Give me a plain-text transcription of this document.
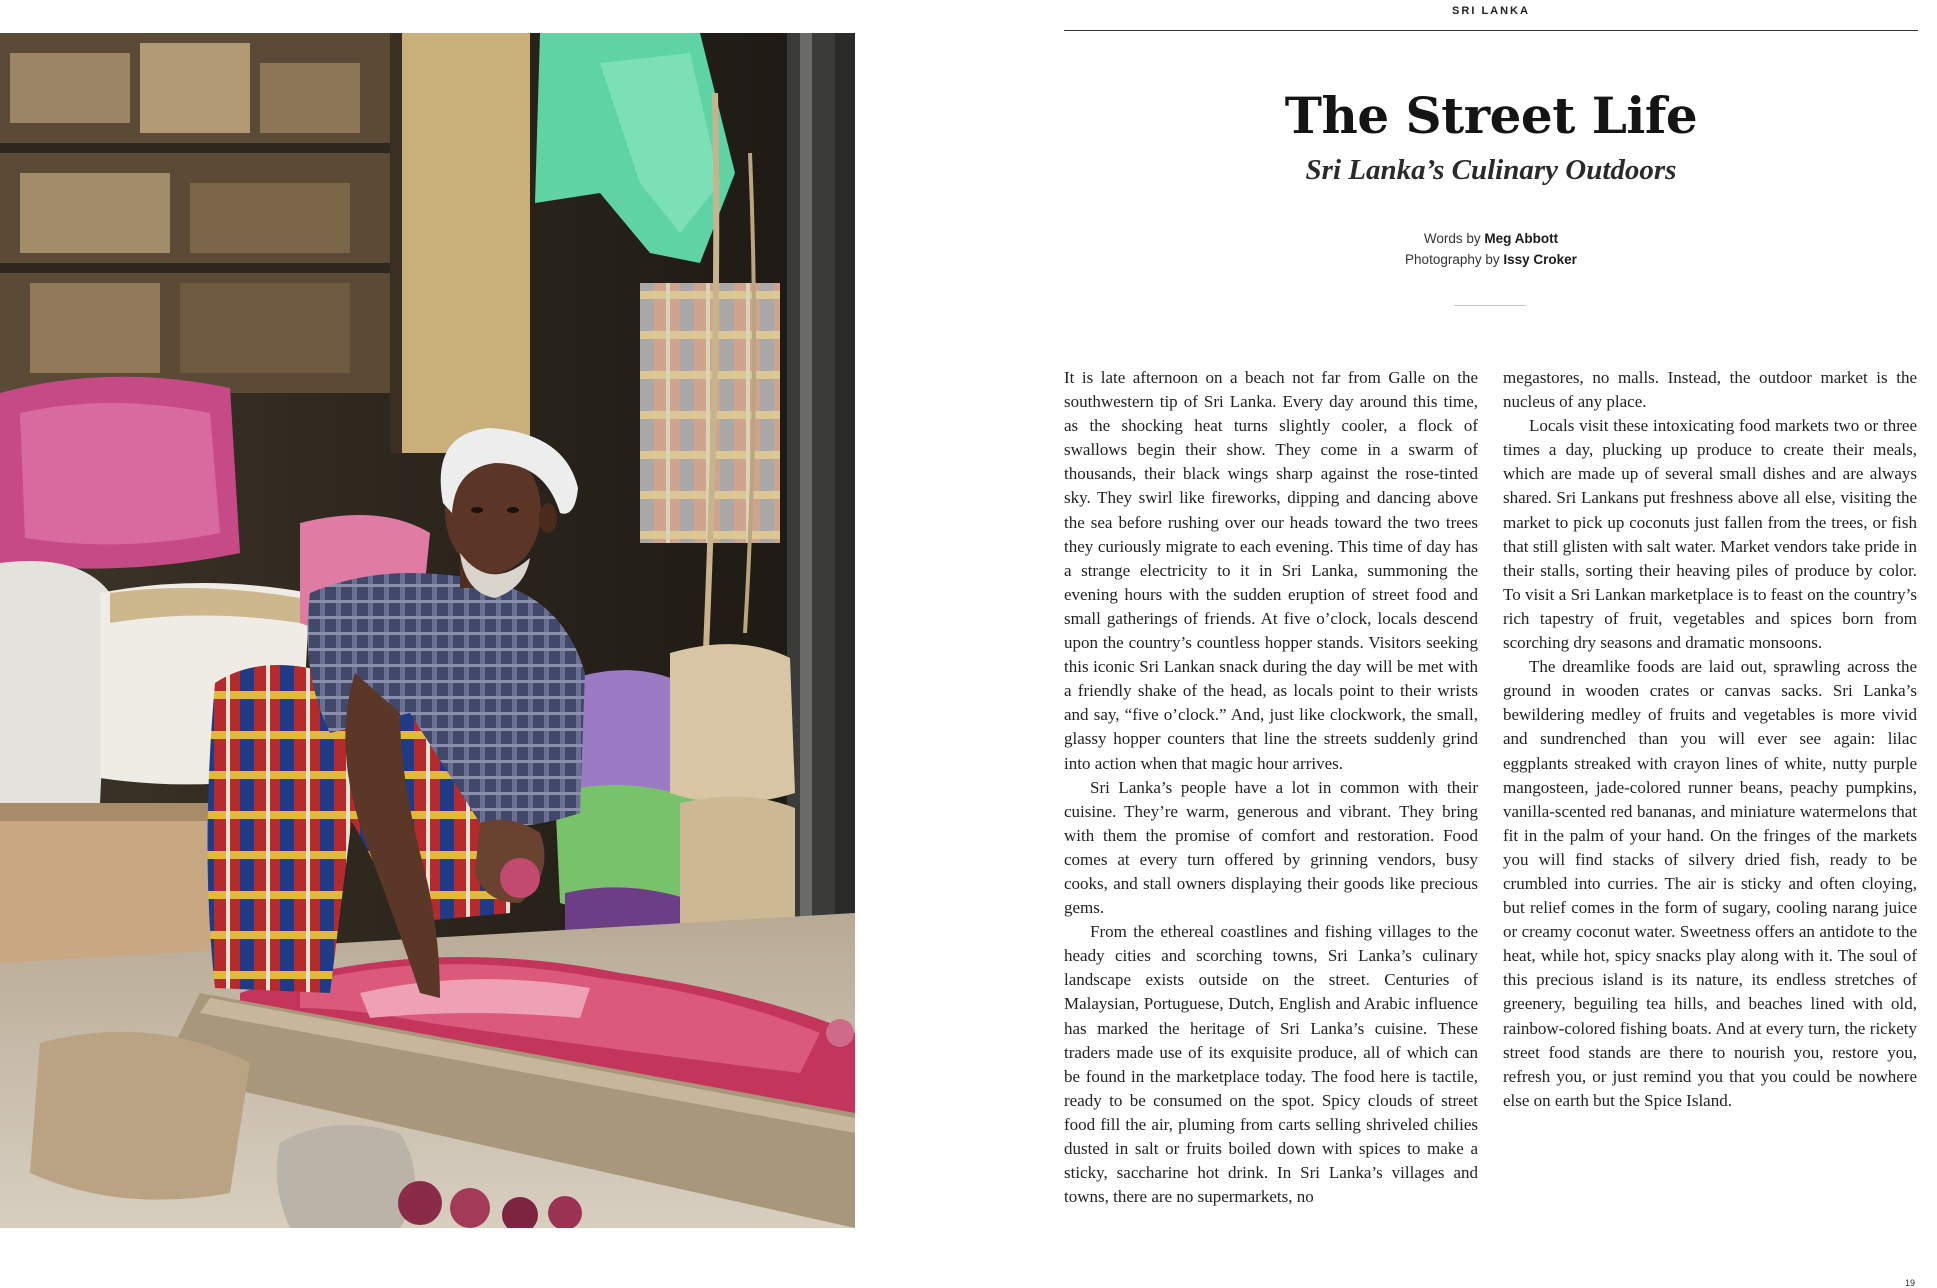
SRI LANKA
The Street Life
Sri Lanka’s Culinary Outdoors
Words by Meg Abbott
Photography by Issy Croker

It is late afternoon on a beach not far from Galle on the southwestern tip of Sri Lanka. Every day around this time, as the shocking heat turns slightly cooler, a flock of swallows begin their show. They come in a swarm of thousands, their black wings sharp against the rose-tinted sky. They swirl like fireworks, dipping and dancing above the sea before rushing over our heads toward the two trees they curiously migrate to each evening. This time of day has a strange electricity to it in Sri Lanka, summoning the evening hours with the sudden eruption of street food and small gatherings of friends. At five o’clock, locals descend upon the country’s countless hopper stands. Visitors seeking this iconic Sri Lankan snack during the day will be met with a friendly shake of the head, as locals point to their wrists and say, “five o’clock.” And, just like clockwork, the small, glassy hopper counters that line the streets suddenly grind into action when that magic hour arrives.

Sri Lanka’s people have a lot in common with their cuisine. They’re warm, generous and vibrant. They bring with them the promise of comfort and restoration. Food comes at every turn offered by grinning vendors, busy cooks, and stall owners displaying their goods like precious gems.

From the ethereal coastlines and fishing villages to the heady cities and scorching towns, Sri Lanka’s culinary landscape exists outside on the street. Centuries of Malaysian, Portuguese, Dutch, English and Arabic influence has marked the heritage of Sri Lanka’s cuisine. These traders made use of its exquisite produce, all of which can be found in the marketplace today. The food here is tactile, ready to be consumed on the spot. Spicy clouds of street food fill the air, pluming from carts selling shriveled chilies dusted in salt or fruits boiled down with spices to make a sticky, saccharine hot drink. In Sri Lanka’s villages and towns, there are no supermarkets, no

megastores, no malls. Instead, the outdoor market is the nucleus of any place.

Locals visit these intoxicating food markets two or three times a day, plucking up produce to create their meals, which are made up of several small dishes and are always shared. Sri Lankans put freshness above all else, visiting the market to pick up coconuts just fallen from the trees, or fish that still glisten with salt water. Market vendors take pride in their stalls, sorting their heaving piles of produce by color. To visit a Sri Lankan marketplace is to feast on the country’s rich tapestry of fruit, vegetables and spices born from scorching dry seasons and dramatic monsoons.

The dreamlike foods are laid out, sprawling across the ground in wooden crates or canvas sacks. Sri Lanka’s bewildering medley of fruits and vegetables is more vivid and sundrenched than you will ever see again: lilac eggplants streaked with crayon lines of white, nutty purple mangosteen, jade-colored runner beans, peachy pumpkins, vanilla-scented red bananas, and miniature watermelons that fit in the palm of your hand. On the fringes of the markets you will find stacks of silvery dried fish, ready to be crumbled into curries. The air is sticky and often cloying, but relief comes in the form of sugary, cooling narang juice or creamy coconut water. Sweetness offers an antidote to the heat, while hot, spicy snacks play along with it. The soul of this precious island is its nature, its endless stretches of greenery, beguiling tea hills, and beaches lined with old, rainbow-colored fishing boats. And at every turn, the rickety street food stands are there to nourish you, restore you, refresh you, or just remind you that you could be nowhere else on earth but the Spice Island.

19
